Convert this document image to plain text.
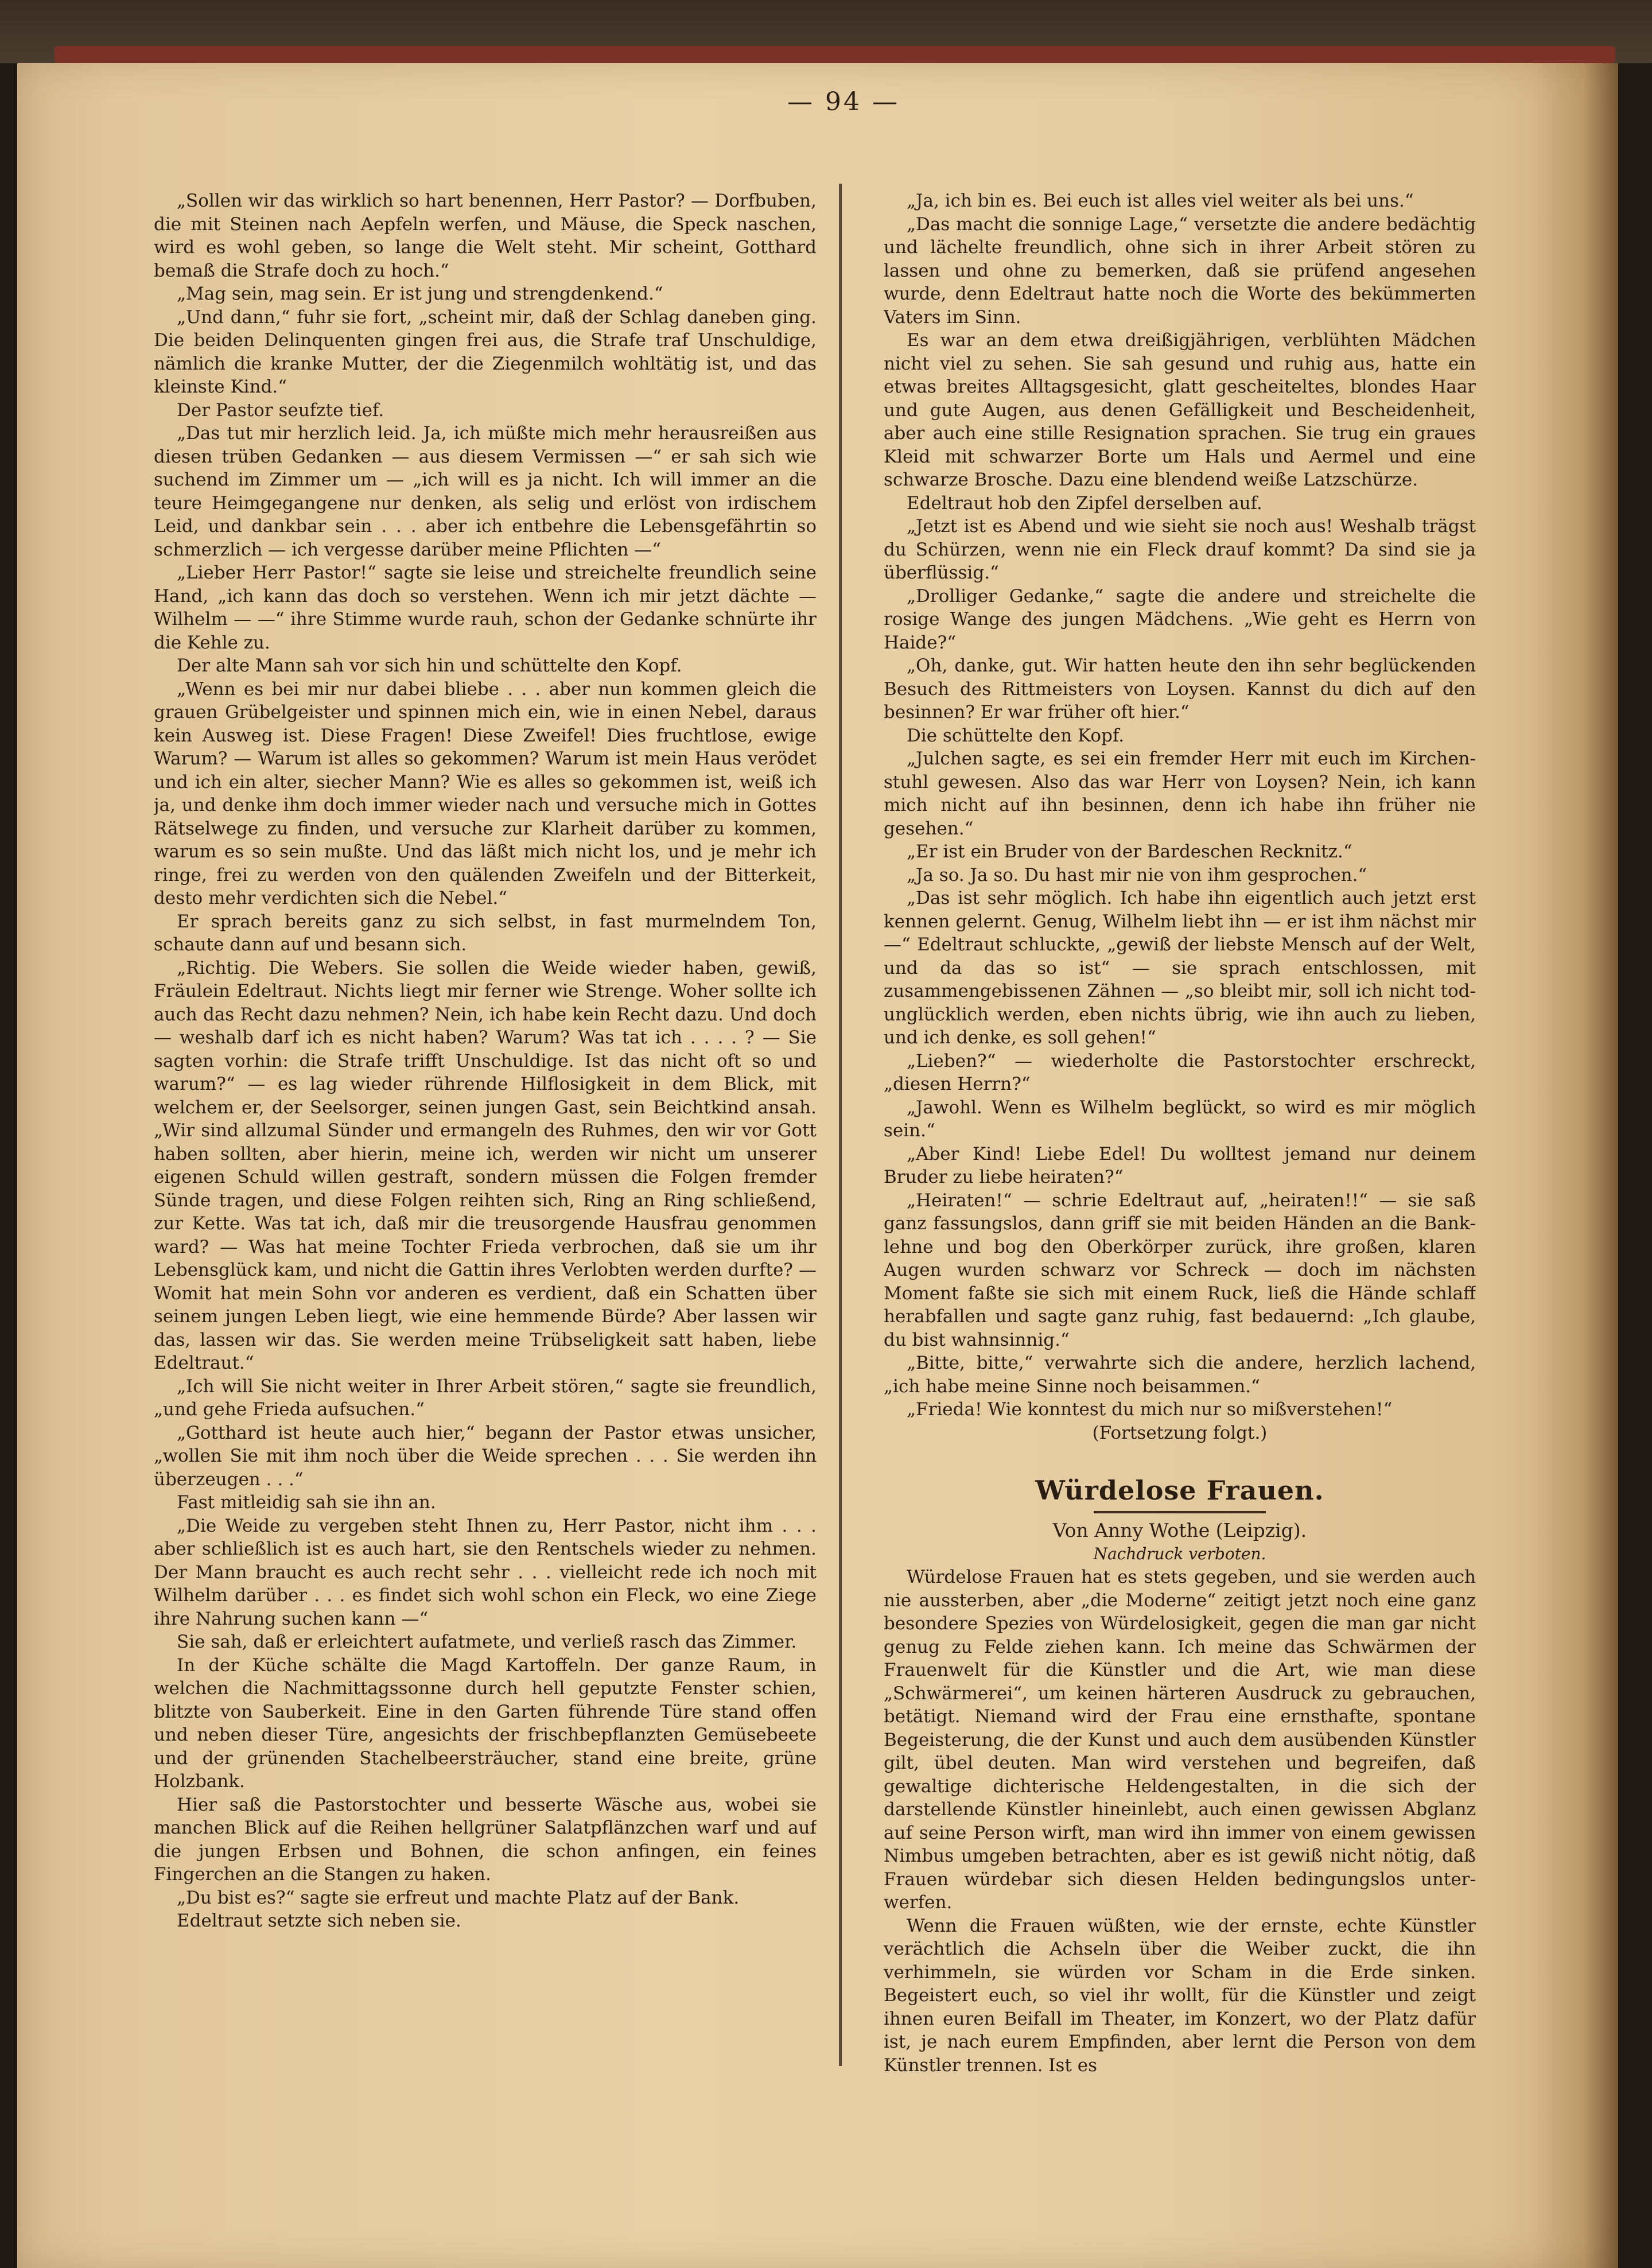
— 94 —

„Sollen wir das wirklich so hart benennen, Herr Pastor? — Dorfbuben, die mit Steinen nach Aepfeln werfen, und Mäuse, die Speck naschen, wird es wohl geben, so lange die Welt steht. Mir scheint, Gotthard bemaß die Strafe doch zu hoch.“

„Mag sein, mag sein. Er ist jung und strengdenkend.“

„Und dann,“ fuhr sie fort, „scheint mir, daß der Schlag daneben ging. Die beiden Delinquenten gingen frei aus, die Strafe traf Unschuldige, nämlich die kranke Mutter, der die Ziegenmilch wohltätig ist, und das kleinste Kind.“

Der Pastor seufzte tief.

„Das tut mir herzlich leid. Ja, ich müßte mich mehr herausreißen aus diesen trüben Gedanken — aus diesem Vermissen —“ er sah sich wie suchend im Zimmer um — „ich will es ja nicht. Ich will immer an die teure Heimgegangene nur denken, als selig und erlöst von irdischem Leid, und dankbar sein . . . aber ich entbehre die Lebensgefährtin so schmerzlich — ich vergesse darüber meine Pflichten —“

„Lieber Herr Pastor!“ sagte sie leise und streichelte freundlich seine Hand, „ich kann das doch so verstehen. Wenn ich mir jetzt dächte — Wilhelm — —“ ihre Stimme wurde rauh, schon der Gedanke schnürte ihr die Kehle zu.

Der alte Mann sah vor sich hin und schüttelte den Kopf.

„Wenn es bei mir nur dabei bliebe . . . aber nun kommen gleich die grauen Grübelgeister und spinnen mich ein, wie in einen Nebel, daraus kein Ausweg ist. Diese Fragen! Diese Zweifel! Dies fruchtlose, ewige Warum? — Warum ist alles so gekommen? Warum ist mein Haus verödet und ich ein alter, siecher Mann? Wie es alles so gekommen ist, weiß ich ja, und denke ihm doch immer wieder nach und versuche mich in Gottes Rätselwege zu finden, und versuche zur Klarheit darüber zu kommen, warum es so sein mußte. Und das läßt mich nicht los, und je mehr ich ringe, frei zu werden von den quälenden Zweifeln und der Bitterkeit, desto mehr verdichten sich die Nebel.“

Er sprach bereits ganz zu sich selbst, in fast murmelndem Ton, schaute dann auf und besann sich.

„Richtig. Die Webers. Sie sollen die Weide wieder haben, gewiß, Fräulein Edeltraut. Nichts liegt mir ferner wie Strenge. Woher sollte ich auch das Recht dazu nehmen? Nein, ich habe kein Recht dazu. Und doch — weshalb darf ich es nicht haben? Warum? Was tat ich . . . . ? — Sie sagten vorhin: die Strafe trifft Unschuldige. Ist das nicht oft so und warum?“ — es lag wieder rührende Hilflosigkeit in dem Blick, mit welchem er, der Seelsorger, seinen jungen Gast, sein Beichtkind ansah. „Wir sind allzumal Sünder und ermangeln des Ruhmes, den wir vor Gott haben sollten, aber hierin, meine ich, werden wir nicht um unserer eigenen Schuld willen gestraft, sondern müssen die Folgen fremder Sünde tragen, und diese Folgen reihten sich, Ring an Ring schließend, zur Kette. Was tat ich, daß mir die treusorgende Hausfrau genommen ward? — Was hat meine Tochter Frieda verbrochen, daß sie um ihr Lebensglück kam, und nicht die Gattin ihres Verlobten werden durfte? — Womit hat mein Sohn vor anderen es verdient, daß ein Schatten über seinem jungen Leben liegt, wie eine hemmende Bürde? Aber lassen wir das, lassen wir das. Sie werden meine Trübseligkeit satt haben, liebe Edeltraut.“

„Ich will Sie nicht weiter in Ihrer Arbeit stören,“ sagte sie freundlich, „und gehe Frieda aufsuchen.“

„Gotthard ist heute auch hier,“ begann der Pastor etwas unsicher, „wollen Sie mit ihm noch über die Weide sprechen . . . Sie werden ihn überzeugen . . .“

Fast mitleidig sah sie ihn an.

„Die Weide zu vergeben steht Ihnen zu, Herr Pastor, nicht ihm . . . aber schließlich ist es auch hart, sie den Rentschels wieder zu nehmen. Der Mann braucht es auch recht sehr . . . vielleicht rede ich noch mit Wilhelm darüber . . . es findet sich wohl schon ein Fleck, wo eine Ziege ihre Nahrung suchen kann —“

Sie sah, daß er erleichtert aufatmete, und verließ rasch das Zimmer.

In der Küche schälte die Magd Kartoffeln. Der ganze Raum, in welchen die Nachmittagssonne durch hell geputzte Fenster schien, blitzte von Sauberkeit. Eine in den Garten führende Türe stand offen und neben dieser Türe, angesichts der frischbepflanzten Gemüsebeete und der grünenden Stachelbeersträucher, stand eine breite, grüne Holzbank.

Hier saß die Pastorstochter und besserte Wäsche aus, wobei sie manchen Blick auf die Reihen hellgrüner Salatpflänzchen warf und auf die jungen Erbsen und Bohnen, die schon anfingen, ein feines Fingerchen an die Stangen zu haken.

„Du bist es?“ sagte sie erfreut und machte Platz auf der Bank.

Edeltraut setzte sich neben sie.

„Ja, ich bin es. Bei euch ist alles viel weiter als bei uns.“

„Das macht die sonnige Lage,“ versetzte die andere bedächtig und lächelte freundlich, ohne sich in ihrer Arbeit stören zu lassen und ohne zu bemerken, daß sie prüfend angesehen wurde, denn Edeltraut hatte noch die Worte des bekümmerten Vaters im Sinn.

Es war an dem etwa dreißigjährigen, verblühten Mädchen nicht viel zu sehen. Sie sah gesund und ruhig aus, hatte ein etwas breites Alltagsgesicht, glatt gescheiteltes, blondes Haar und gute Augen, aus denen Gefälligkeit und Bescheidenheit, aber auch eine stille Resignation sprachen. Sie trug ein graues Kleid mit schwarzer Borte um Hals und Aermel und eine schwarze Brosche. Dazu eine blendend weiße Latzschürze.

Edeltraut hob den Zipfel derselben auf.

„Jetzt ist es Abend und wie sieht sie noch aus! Weshalb trägst du Schürzen, wenn nie ein Fleck drauf kommt? Da sind sie ja überflüssig.“

„Drolliger Gedanke,“ sagte die andere und streichelte die rosige Wange des jungen Mädchens. „Wie geht es Herrn von Haide?“

„Oh, danke, gut. Wir hatten heute den ihn sehr beglückenden Besuch des Rittmeisters von Loysen. Kannst du dich auf den besinnen? Er war früher oft hier.“

Die schüttelte den Kopf.

„Julchen sagte, es sei ein fremder Herr mit euch im Kirchenstuhl gewesen. Also das war Herr von Loysen? Nein, ich kann mich nicht auf ihn besinnen, denn ich habe ihn früher nie gesehen.“

„Er ist ein Bruder von der Bardeschen Recknitz.“

„Ja so. Ja so. Du hast mir nie von ihm gesprochen.“

„Das ist sehr möglich. Ich habe ihn eigentlich auch jetzt erst kennen gelernt. Genug, Wilhelm liebt ihn — er ist ihm nächst mir —“ Edeltraut schluckte, „gewiß der liebste Mensch auf der Welt, und da das so ist“ — sie sprach entschlossen, mit zusammengebissenen Zähnen — „so bleibt mir, soll ich nicht todunglücklich werden, eben nichts übrig, wie ihn auch zu lieben, und ich denke, es soll gehen!“

„Lieben?“ — wiederholte die Pastorstochter erschreckt, „diesen Herrn?“

„Jawohl. Wenn es Wilhelm beglückt, so wird es mir möglich sein.“

„Aber Kind! Liebe Edel! Du wolltest jemand nur deinem Bruder zu liebe heiraten?“

„Heiraten!“ — schrie Edeltraut auf, „heiraten!!“ — sie saß ganz fassungslos, dann griff sie mit beiden Händen an die Banklehne und bog den Oberkörper zurück, ihre großen, klaren Augen wurden schwarz vor Schreck — doch im nächsten Moment faßte sie sich mit einem Ruck, ließ die Hände schlaff herabfallen und sagte ganz ruhig, fast bedauernd: „Ich glaube, du bist wahnsinnig.“

„Bitte, bitte,“ verwahrte sich die andere, herzlich lachend, „ich habe meine Sinne noch beisammen.“

„Frieda! Wie konntest du mich nur so mißverstehen!“

(Fortsetzung folgt.)

Würdelose Frauen.

Von Anny Wothe (Leipzig).

Nachdruck verboten.

Würdelose Frauen hat es stets gegeben, und sie werden auch nie aussterben, aber „die Moderne“ zeitigt jetzt noch eine ganz besondere Spezies von Würdelosigkeit, gegen die man gar nicht genug zu Felde ziehen kann. Ich meine das Schwärmen der Frauenwelt für die Künstler und die Art, wie man diese „Schwärmerei“, um keinen härteren Ausdruck zu gebrauchen, betätigt. Niemand wird der Frau eine ernsthafte, spontane Begeisterung, die der Kunst und auch dem ausübenden Künstler gilt, übel deuten. Man wird verstehen und begreifen, daß gewaltige dichterische Heldengestalten, in die sich der darstellende Künstler hineinlebt, auch einen gewissen Abglanz auf seine Person wirft, man wird ihn immer von einem gewissen Nimbus umgeben betrachten, aber es ist gewiß nicht nötig, daß Frauen würdebar sich diesen Helden bedingungslos unterwerfen.

Wenn die Frauen wüßten, wie der ernste, echte Künstler verächtlich die Achseln über die Weiber zuckt, die ihn verhimmeln, sie würden vor Scham in die Erde sinken. Begeistert euch, so viel ihr wollt, für die Künstler und zeigt ihnen euren Beifall im Theater, im Konzert, wo der Platz dafür ist, je nach eurem Empfinden, aber lernt die Person von dem Künstler trennen. Ist es
